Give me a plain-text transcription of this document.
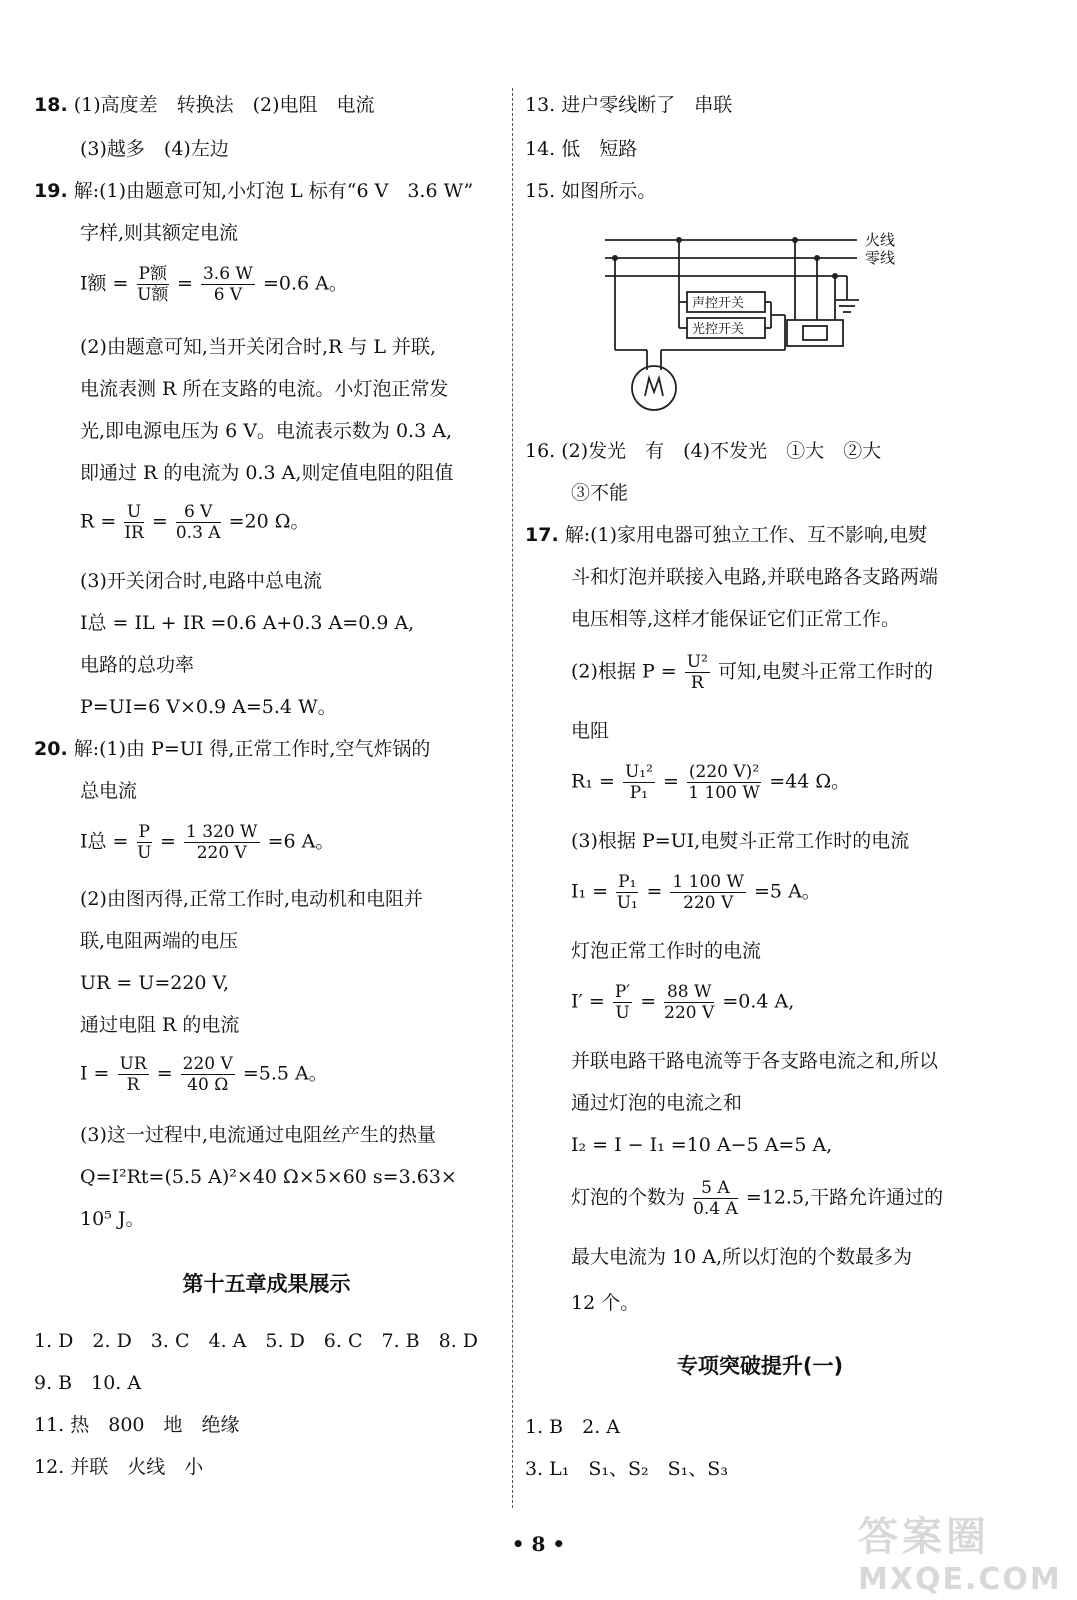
18. (1)高度差　转换法　(2)电阻　电流
(3)越多　(4)左边
19. 解:(1)由题意可知,小灯泡 L 标有“6 V　3.6 W”
字样,则其额定电流
I额 = $\frac{\text{P额}}{\text{U额}} = \frac{3.6 W}{6 V} =0.6$ A。
(2)由题意可知,当开关闭合时,R 与 L 并联,
电流表测 R 所在支路的电流。小灯泡正常发
光,即电源电压为 6 V。电流表示数为 0.3 A,
即通过 R 的电流为 0.3 A,则定值电阻的阻值
$R = \frac{U}{IR} = \frac{6 V}{0.3 A} =20$ Ω。
(3)开关闭合时,电路中总电流
I总 = IL + IR =0.6 A+0.3 A=0.9 A,
电路的总功率
P=UI=6 V×0.9 A=5.4 W。
20. 解:(1)由 P=UI 得,正常工作时,空气炸锅的
总电流
I总 = $\frac{P}{U} = \frac{1 320 W}{220 V} =6$ A。
(2)由图丙得,正常工作时,电动机和电阻并
联,电阻两端的电压
UR = U=220 V,
通过电阻 R 的电流
$I = \frac{UR}{R} = \frac{220 V}{40 \Omega} =5.5$ A。
(3)这一过程中,电流通过电阻丝产生的热量
Q=I²Rt=(5.5 A)²×40 Ω×5×60 s=3.63×
10⁵ J。
第十五章成果展示
1. D　2. D　3. C　4. A　5. D　6. C　7. B　8. D
9. B　10. A
11. 热　800　地　绝缘
12. 并联　火线　小
13. 进户零线断了　串联
14. 低　短路
15. 如图所示。
火线
零线
声控开关
光控开关
16. (2)发光　有　(4)不发光　①大　②大
③不能
17. 解:(1)家用电器可独立工作、互不影响,电熨
斗和灯泡并联接入电路,并联电路各支路两端
电压相等,这样才能保证它们正常工作。
(2)根据 $P = \frac{\text{U²}}{R}$ 可知,电熨斗正常工作时的
电阻
$R_1 = \frac{\text{U₁²}}{\text{P₁}} = \frac{\text{(220 V)²}}{1 100 W} =44$ Ω。
(3)根据 P=UI,电熨斗正常工作时的电流
$I_1 = \frac{\text{P₁}}{\text{U₁}} = \frac{1 100 W}{220 V} =5$ A。
灯泡正常工作时的电流
$I' = \frac{P'}{U} = \frac{88 W}{220 V} =0.4$ A,
并联电路干路电流等于各支路电流之和,所以
通过灯泡的电流之和
I₂ = I − I₁ =10 A−5 A=5 A,
灯泡的个数为 $\frac{5 A}{0.4 A} =12.5$,干路允许通过的
最大电流为 10 A,所以灯泡的个数最多为
12 个。
专项突破提升(一)
1. B　2. A
3. L₁　S₁、S₂　S₁、S₃
• 8 •	答案圈
MXQE.COM
